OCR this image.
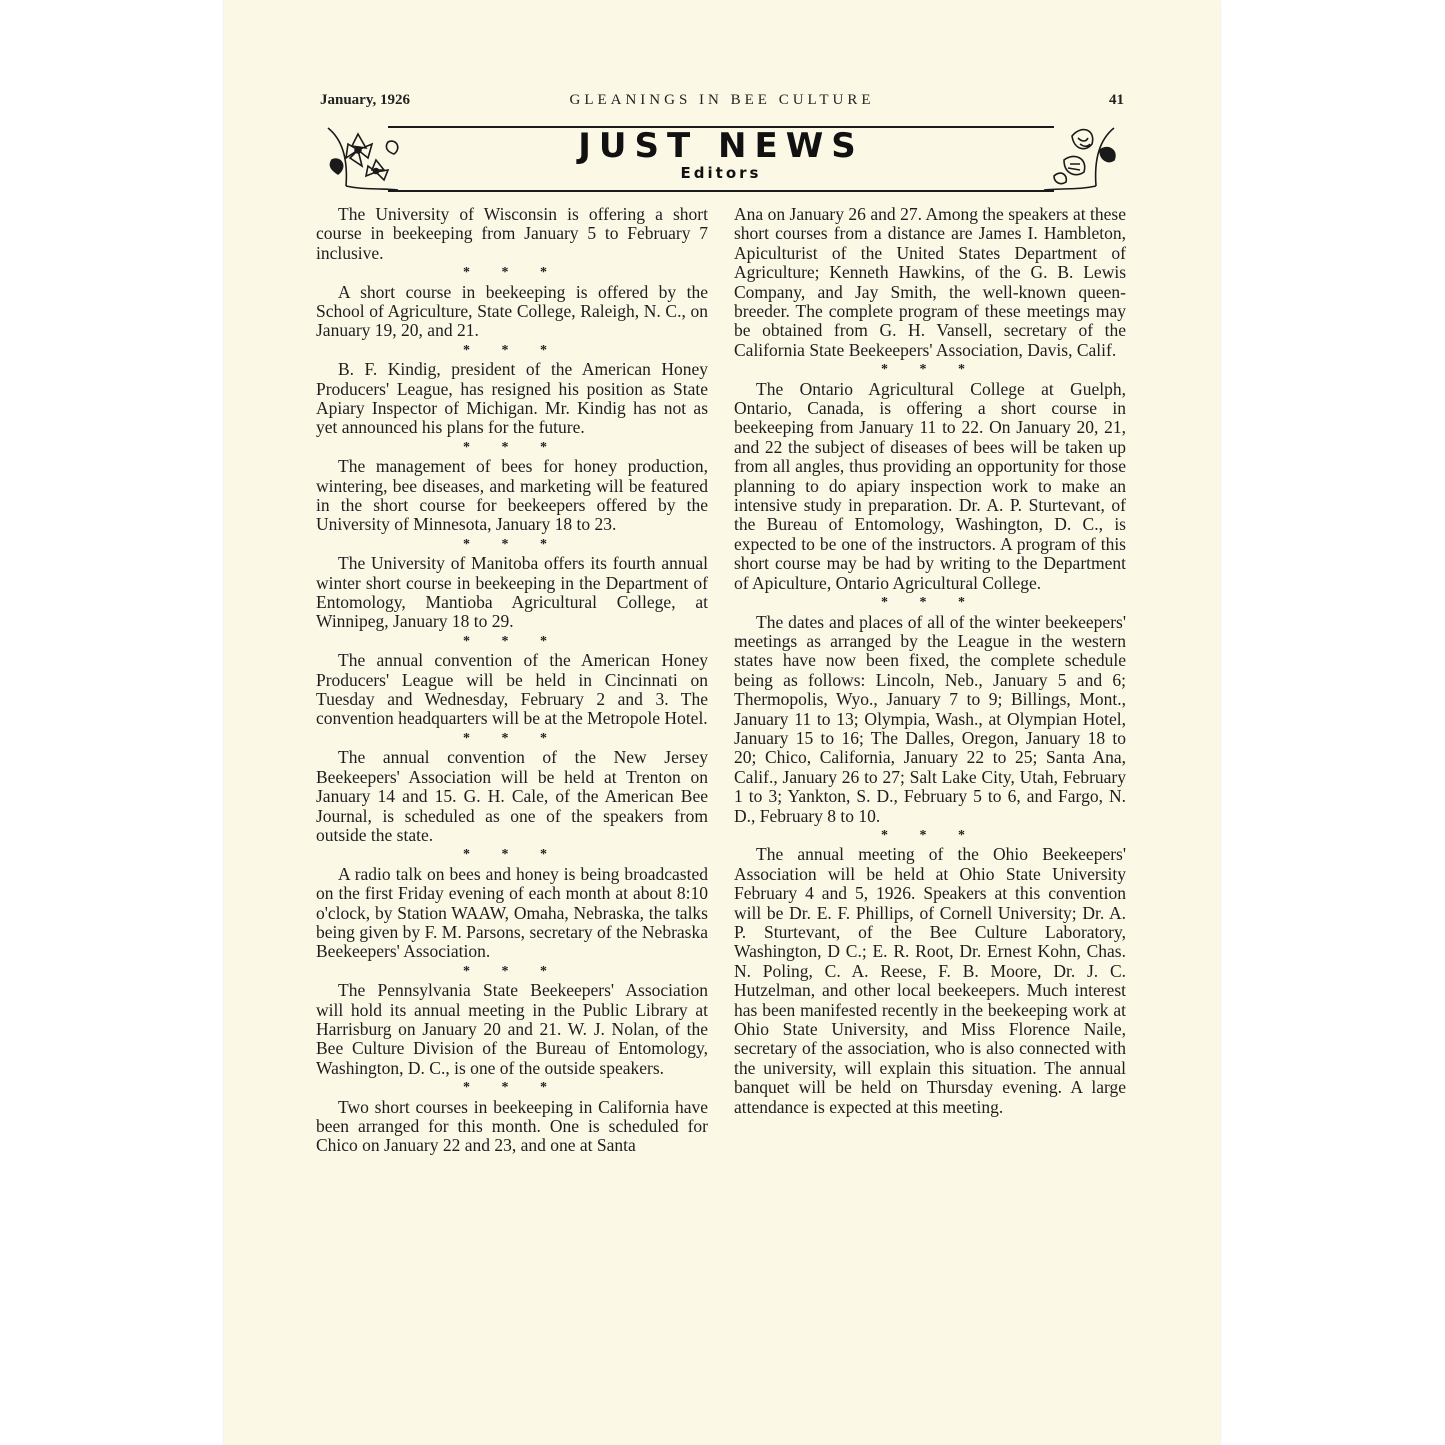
January, 1926	GLEANINGS IN BEE CULTURE	41
JUST NEWS
Editors

The University of Wisconsin is offering a short course in beekeeping from January 5 to February 7 inclusive.

* * *

A short course in beekeeping is offered by the School of Agriculture, State College, Raleigh, N. C., on January 19, 20, and 21.

* * *

B. F. Kindig, president of the American Honey Producers' League, has resigned his position as State Apiary Inspector of Michigan. Mr. Kindig has not as yet announced his plans for the future.

* * *

The management of bees for honey production, wintering, bee diseases, and marketing will be featured in the short course for beekeepers offered by the University of Minnesota, January 18 to 23.

* * *

The University of Manitoba offers its fourth annual winter short course in beekeeping in the Department of Entomology, Mantioba Agricultural College, at Winnipeg, January 18 to 29.

* * *

The annual convention of the American Honey Producers' League will be held in Cincinnati on Tuesday and Wednesday, February 2 and 3. The convention headquarters will be at the Metropole Hotel.

* * *

The annual convention of the New Jersey Beekeepers' Association will be held at Trenton on January 14 and 15. G. H. Cale, of the American Bee Journal, is scheduled as one of the speakers from outside the state.

* * *

A radio talk on bees and honey is being broadcasted on the first Friday evening of each month at about 8:10 o'clock, by Station WAAW, Omaha, Nebraska, the talks being given by F. M. Parsons, secretary of the Nebraska Beekeepers' Association.

* * *

The Pennsylvania State Beekeepers' Association will hold its annual meeting in the Public Library at Harrisburg on January 20 and 21. W. J. Nolan, of the Bee Culture Division of the Bureau of Entomology, Washington, D. C., is one of the outside speakers.

* * *

Two short courses in beekeeping in California have been arranged for this month. One is scheduled for Chico on January 22 and 23, and one at Santa

Ana on January 26 and 27. Among the speakers at these short courses from a distance are James I. Hambleton, Apiculturist of the United States Department of Agriculture; Kenneth Hawkins, of the G. B. Lewis Company, and Jay Smith, the well-known queen-breeder. The complete program of these meetings may be obtained from G. H. Vansell, secretary of the California State Beekeepers' Association, Davis, Calif.

* * *

The Ontario Agricultural College at Guelph, Ontario, Canada, is offering a short course in beekeeping from January 11 to 22. On January 20, 21, and 22 the subject of diseases of bees will be taken up from all angles, thus providing an opportunity for those planning to do apiary inspection work to make an intensive study in preparation. Dr. A. P. Sturtevant, of the Bureau of Entomology, Washington, D. C., is expected to be one of the instructors. A program of this short course may be had by writing to the Department of Apiculture, Ontario Agricultural College.

* * *

The dates and places of all of the winter beekeepers' meetings as arranged by the League in the western states have now been fixed, the complete schedule being as follows: Lincoln, Neb., January 5 and 6; Thermopolis, Wyo., January 7 to 9; Billings, Mont., January 11 to 13; Olympia, Wash., at Olympian Hotel, January 15 to 16; The Dalles, Oregon, January 18 to 20; Chico, California, January 22 to 25; Santa Ana, Calif., January 26 to 27; Salt Lake City, Utah, February 1 to 3; Yankton, S. D., February 5 to 6, and Fargo, N. D., February 8 to 10.

* * *

The annual meeting of the Ohio Beekeepers' Association will be held at Ohio State University February 4 and 5, 1926. Speakers at this convention will be Dr. E. F. Phillips, of Cornell University; Dr. A. P. Sturtevant, of the Bee Culture Laboratory, Washington, D C.; E. R. Root, Dr. Ernest Kohn, Chas. N. Poling, C. A. Reese, F. B. Moore, Dr. J. C. Hutzelman, and other local beekeepers. Much interest has been manifested recently in the beekeeping work at Ohio State University, and Miss Florence Naile, secretary of the association, who is also connected with the university, will explain this situation. The annual banquet will be held on Thursday evening. A large attendance is expected at this meeting.
